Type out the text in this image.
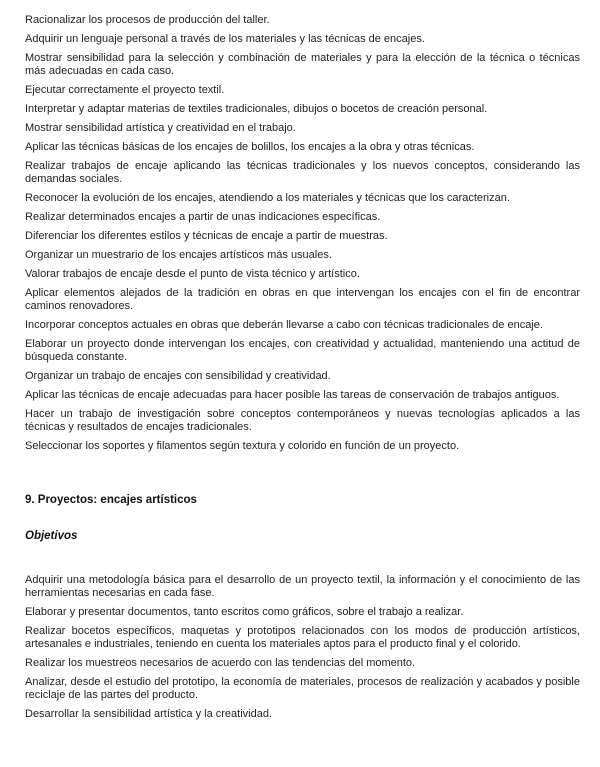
Racionalizar los procesos de producción del taller.

Adquirir un lenguaje personal a través de los materiales y las técnicas de encajes.

Mostrar sensibilidad para la selección y combinación de materiales y para la elección de la técnica o técnicas más adecuadas en cada caso.

Ejecutar correctamente el proyecto textil.

Interpretar y adaptar materias de textiles tradicionales, dibujos o bocetos de creación personal.

Mostrar sensibilidad artística y creatividad en el trabajo.

Aplicar las técnicas básicas de los encajes de bolillos, los encajes a la obra y otras técnicas.

Realizar trabajos de encaje aplicando las técnicas tradicionales y los nuevos conceptos, considerando las demandas sociales.

Reconocer la evolución de los encajes, atendiendo a los materiales y técnicas que los caracterizan.

Realizar determinados encajes a partir de unas indicaciones específicas.

Diferenciar los diferentes estilos y técnicas de encaje a partir de muestras.

Organizar un muestrario de los encajes artísticos más usuales.

Valorar trabajos de encaje desde el punto de vista técnico y artístico.

Aplicar elementos alejados de la tradición en obras en que intervengan los encajes con el fin de encontrar caminos renovadores.

Incorporar conceptos actuales en obras que deberán llevarse a cabo con técnicas tradicionales de encaje.

Elaborar un proyecto donde intervengan los encajes, con creatividad y actualidad, manteniendo una actitud de búsqueda constante.

Organizar un trabajo de encajes con sensibilidad y creatividad.

Aplicar las técnicas de encaje adecuadas para hacer posible las tareas de conservación de trabajos antiguos.

Hacer un trabajo de investigación sobre conceptos contemporáneos y nuevas tecnologías aplicados a las técnicas y resultados de encajes tradicionales.

Seleccionar los soportes y filamentos según textura y colorido en función de un proyecto.

9. Proyectos: encajes artísticos
Objetivos

Adquirir una metodología básica para el desarrollo de un proyecto textil, la información y el conocimiento de las herramientas necesarias en cada fase.

Elaborar y presentar documentos, tanto escritos como gráficos, sobre el trabajo a realizar.

Realizar bocetos específicos, maquetas y prototipos relacionados con los modos de producción artísticos, artesanales e industriales, teniendo en cuenta los materiales aptos para el producto final y el colorido.

Realizar los muestreos necesarios de acuerdo con las tendencias del momento.

Analizar, desde el estudio del prototipo, la economía de materiales, procesos de realización y acabados y posible reciclaje de las partes del producto.

Desarrollar la sensibilidad artística y la creatividad.
